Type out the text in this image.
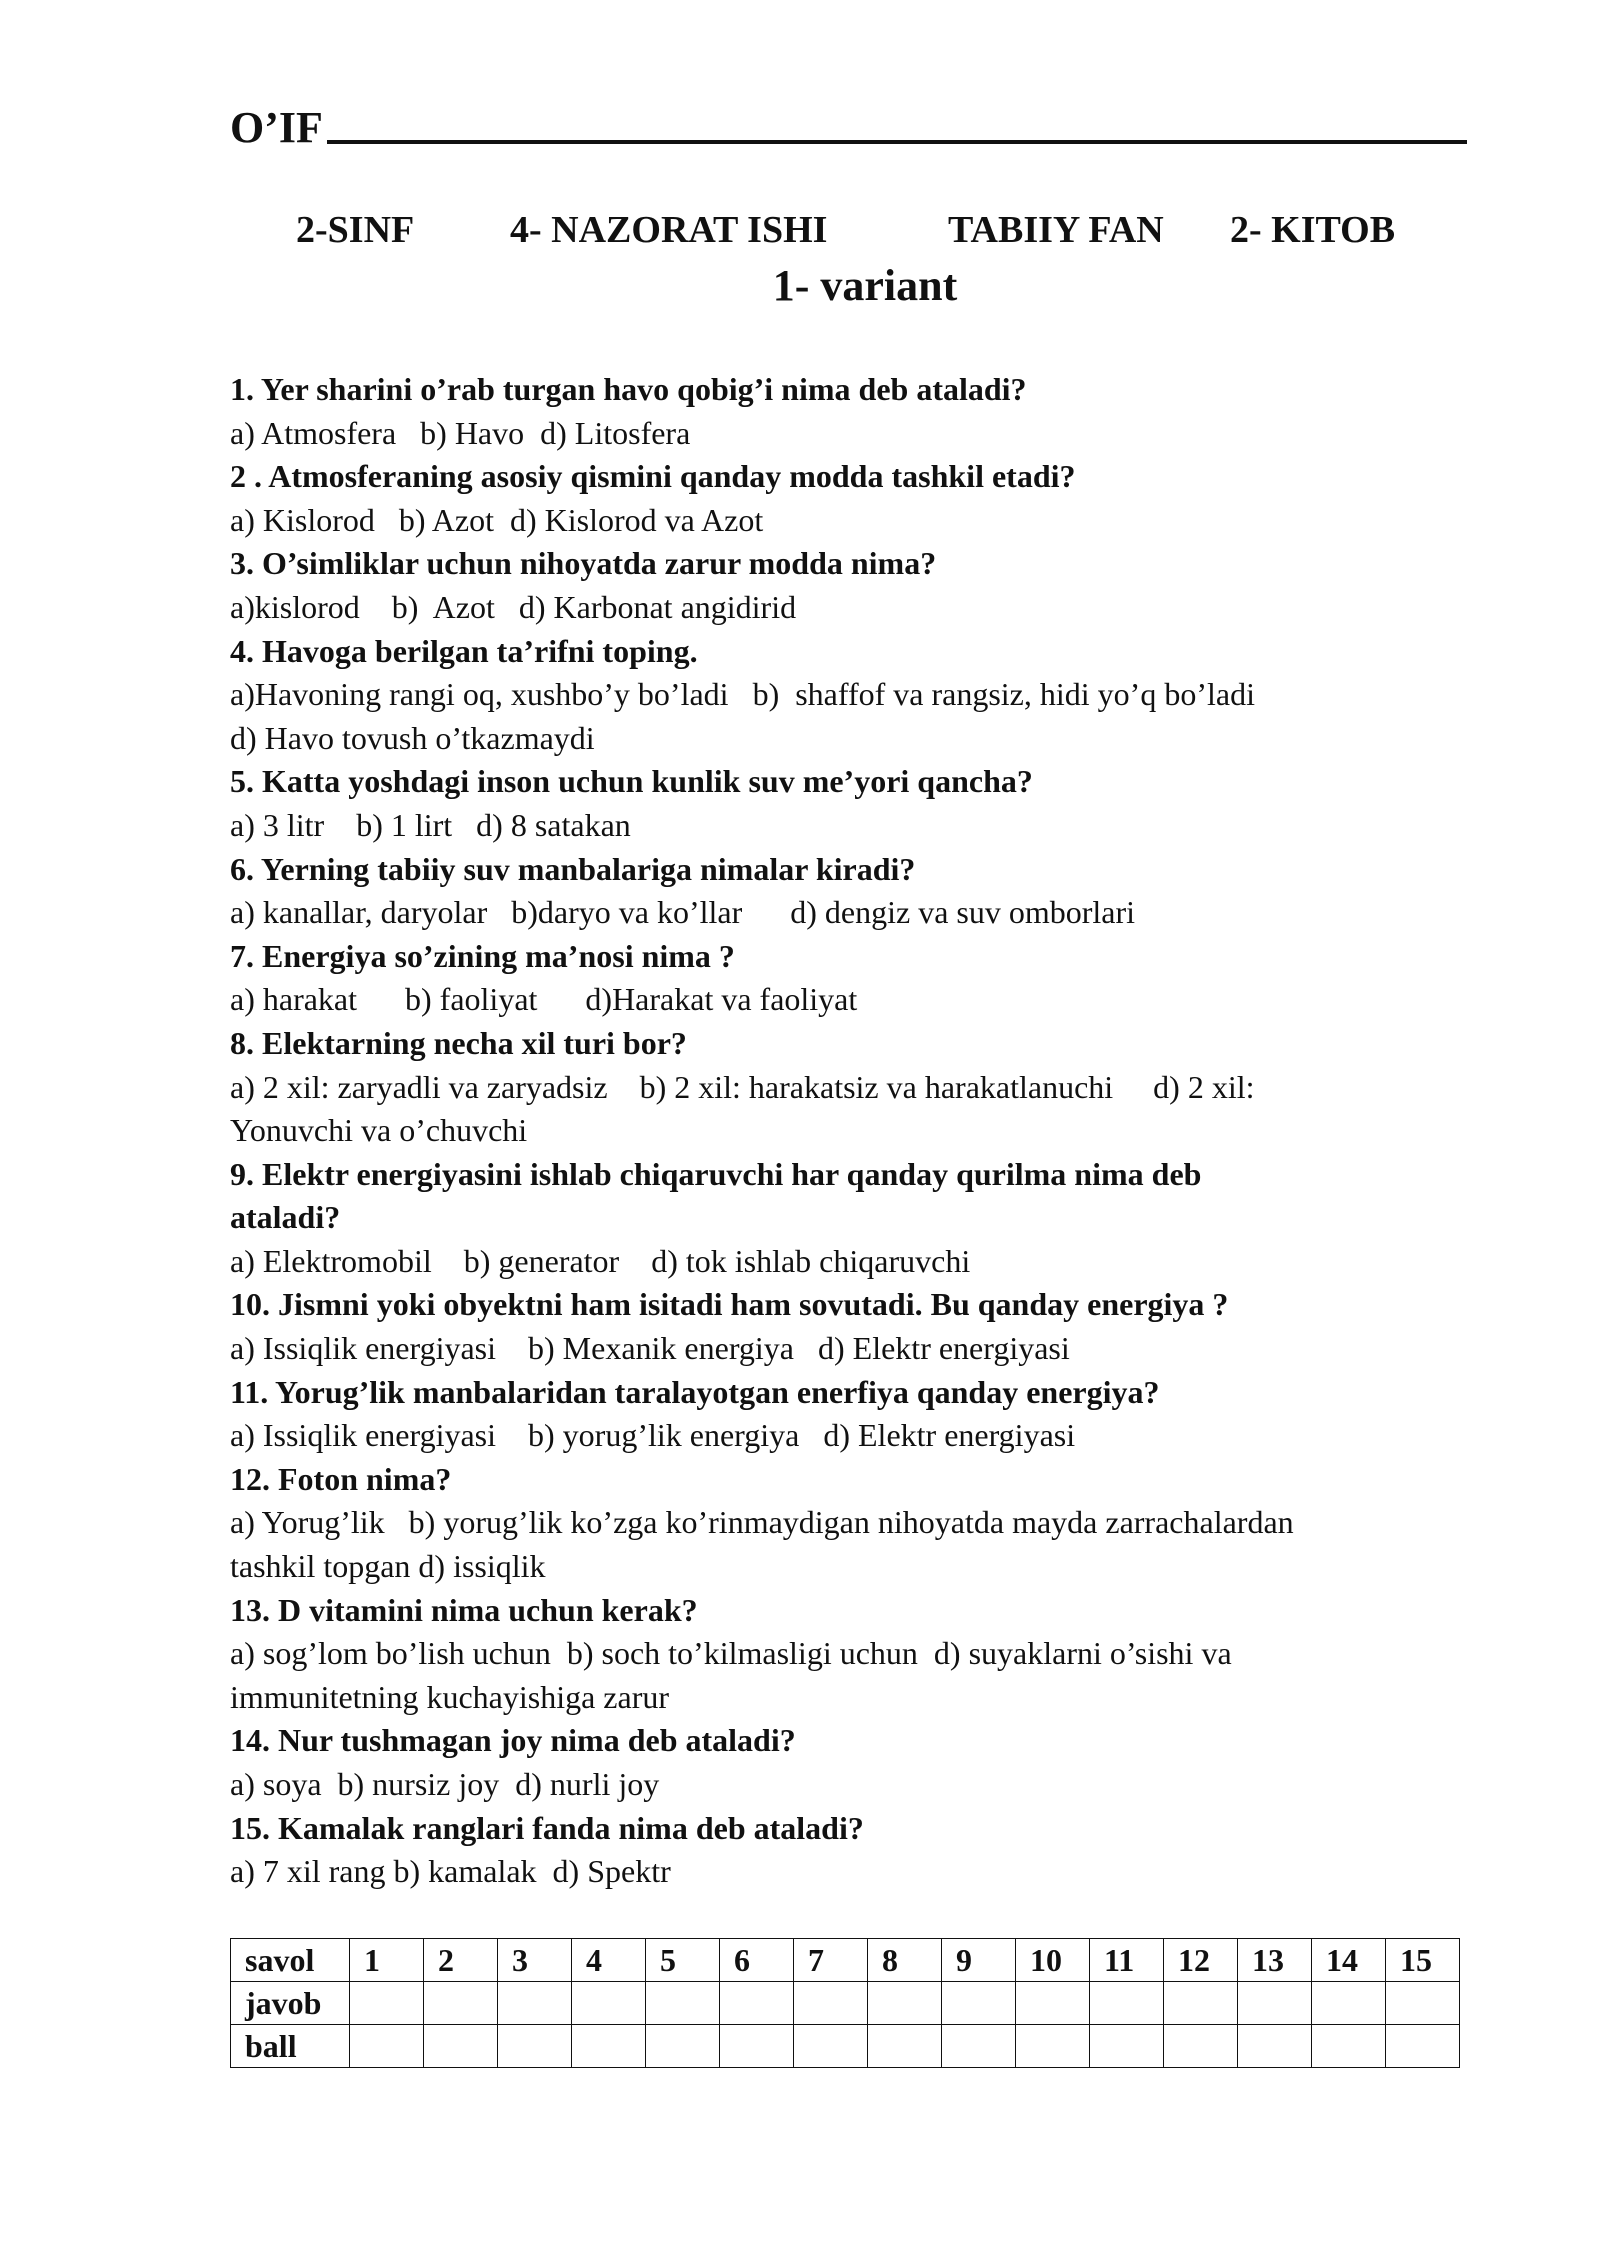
O’IF
2-SINF	4- NAZORAT ISHI	TABIIY FAN 2- KITOB
1- variant
1. Yer sharini o’rab turgan havo qobig’i nima deb ataladi?
a) Atmosfera   b) Havo  d) Litosfera
2 . Atmosferaning asosiy qismini qanday modda tashkil etadi?
a) Kislorod   b) Azot  d) Kislorod va Azot
3. O’simliklar uchun nihoyatda zarur modda nima?
a)kislorod    b)  Azot   d) Karbonat angidirid
4. Havoga berilgan ta’rifni toping.
a)Havoning rangi oq, xushbo’y bo’ladi   b)  shaffof va rangsiz, hidi yo’q bo’ladi
d) Havo tovush o’tkazmaydi
5. Katta yoshdagi inson uchun kunlik suv me’yori qancha?
a) 3 litr    b) 1 lirt   d) 8 satakan
6. Yerning tabiiy suv manbalariga nimalar kiradi?
a) kanallar, daryolar   b)daryo va ko’llar      d) dengiz va suv omborlari
7. Energiya so’zining ma’nosi nima ?
a) harakat      b) faoliyat      d)Harakat va faoliyat
8. Elektarning necha xil turi bor?
a) 2 xil: zaryadli va zaryadsiz    b) 2 xil: harakatsiz va harakatlanuchi     d) 2 xil:
Yonuvchi va o’chuvchi
9. Elektr energiyasini ishlab chiqaruvchi har qanday qurilma nima deb
ataladi?
a) Elektromobil    b) generator    d) tok ishlab chiqaruvchi
10. Jismni yoki obyektni ham isitadi ham sovutadi. Bu qanday energiya ?
a) Issiqlik energiyasi    b) Mexanik energiya   d) Elektr energiyasi
11. Yorug’lik manbalaridan taralayotgan enerfiya qanday energiya?
a) Issiqlik energiyasi    b) yorug’lik energiya   d) Elektr energiyasi
12. Foton nima?
a) Yorug’lik   b) yorug’lik ko’zga ko’rinmaydigan nihoyatda mayda zarrachalardan
tashkil topgan d) issiqlik
13. D vitamini nima uchun kerak?
a) sog’lom bo’lish uchun  b) soch to’kilmasligi uchun  d) suyaklarni o’sishi va
immunitetning kuchayishiga zarur
14. Nur tushmagan joy nima deb ataladi?
a) soya  b) nursiz joy  d) nurli joy
15. Kamalak ranglari fanda nima deb ataladi?
a) 7 xil rang b) kamalak  d) Spektr
savol	1	2	3	4	5	6	7	8	9	10	11	12	13	14	15
javob															
ball															
